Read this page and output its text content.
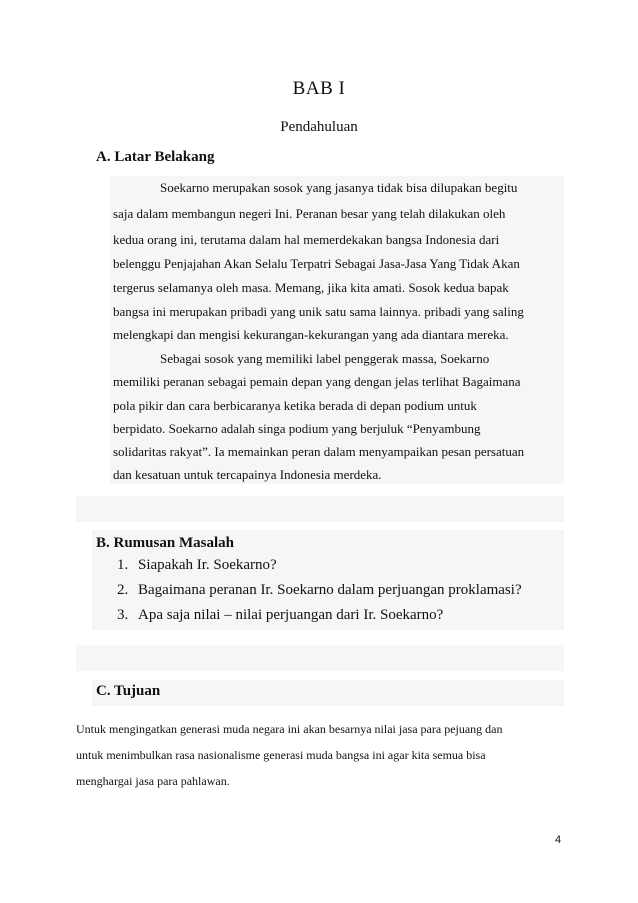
BAB I
Pendahuluan
A. Latar Belakang
Soekarno merupakan sosok yang jasanya tidak bisa dilupakan begitu
saja dalam membangun negeri Ini. Peranan besar yang telah dilakukan oleh
kedua orang ini, terutama dalam hal memerdekakan bangsa Indonesia dari
belenggu Penjajahan Akan Selalu Terpatri Sebagai Jasa-Jasa Yang Tidak Akan
tergerus selamanya oleh masa. Memang, jika kita amati. Sosok kedua bapak
bangsa ini merupakan pribadi yang unik satu sama lainnya. pribadi yang saling
melengkapi dan mengisi kekurangan-kekurangan yang ada diantara mereka.
Sebagai sosok yang memiliki label penggerak massa, Soekarno
memiliki peranan sebagai pemain depan yang dengan jelas terlihat Bagaimana
pola pikir dan cara berbicaranya ketika berada di depan podium untuk
berpidato. Soekarno adalah singa podium yang berjuluk “Penyambung
solidaritas rakyat”. Ia memainkan peran dalam menyampaikan pesan persatuan
dan kesatuan untuk tercapainya Indonesia merdeka.
B. Rumusan Masalah
1. Siapakah Ir. Soekarno?
2. Bagaimana peranan Ir. Soekarno dalam perjuangan proklamasi?
3. Apa saja nilai – nilai perjuangan dari Ir. Soekarno?
C. Tujuan
Untuk mengingatkan generasi muda negara ini akan besarnya nilai jasa para pejuang dan
untuk menimbulkan rasa nasionalisme generasi muda bangsa ini agar kita semua bisa
menghargai jasa para pahlawan.
4
